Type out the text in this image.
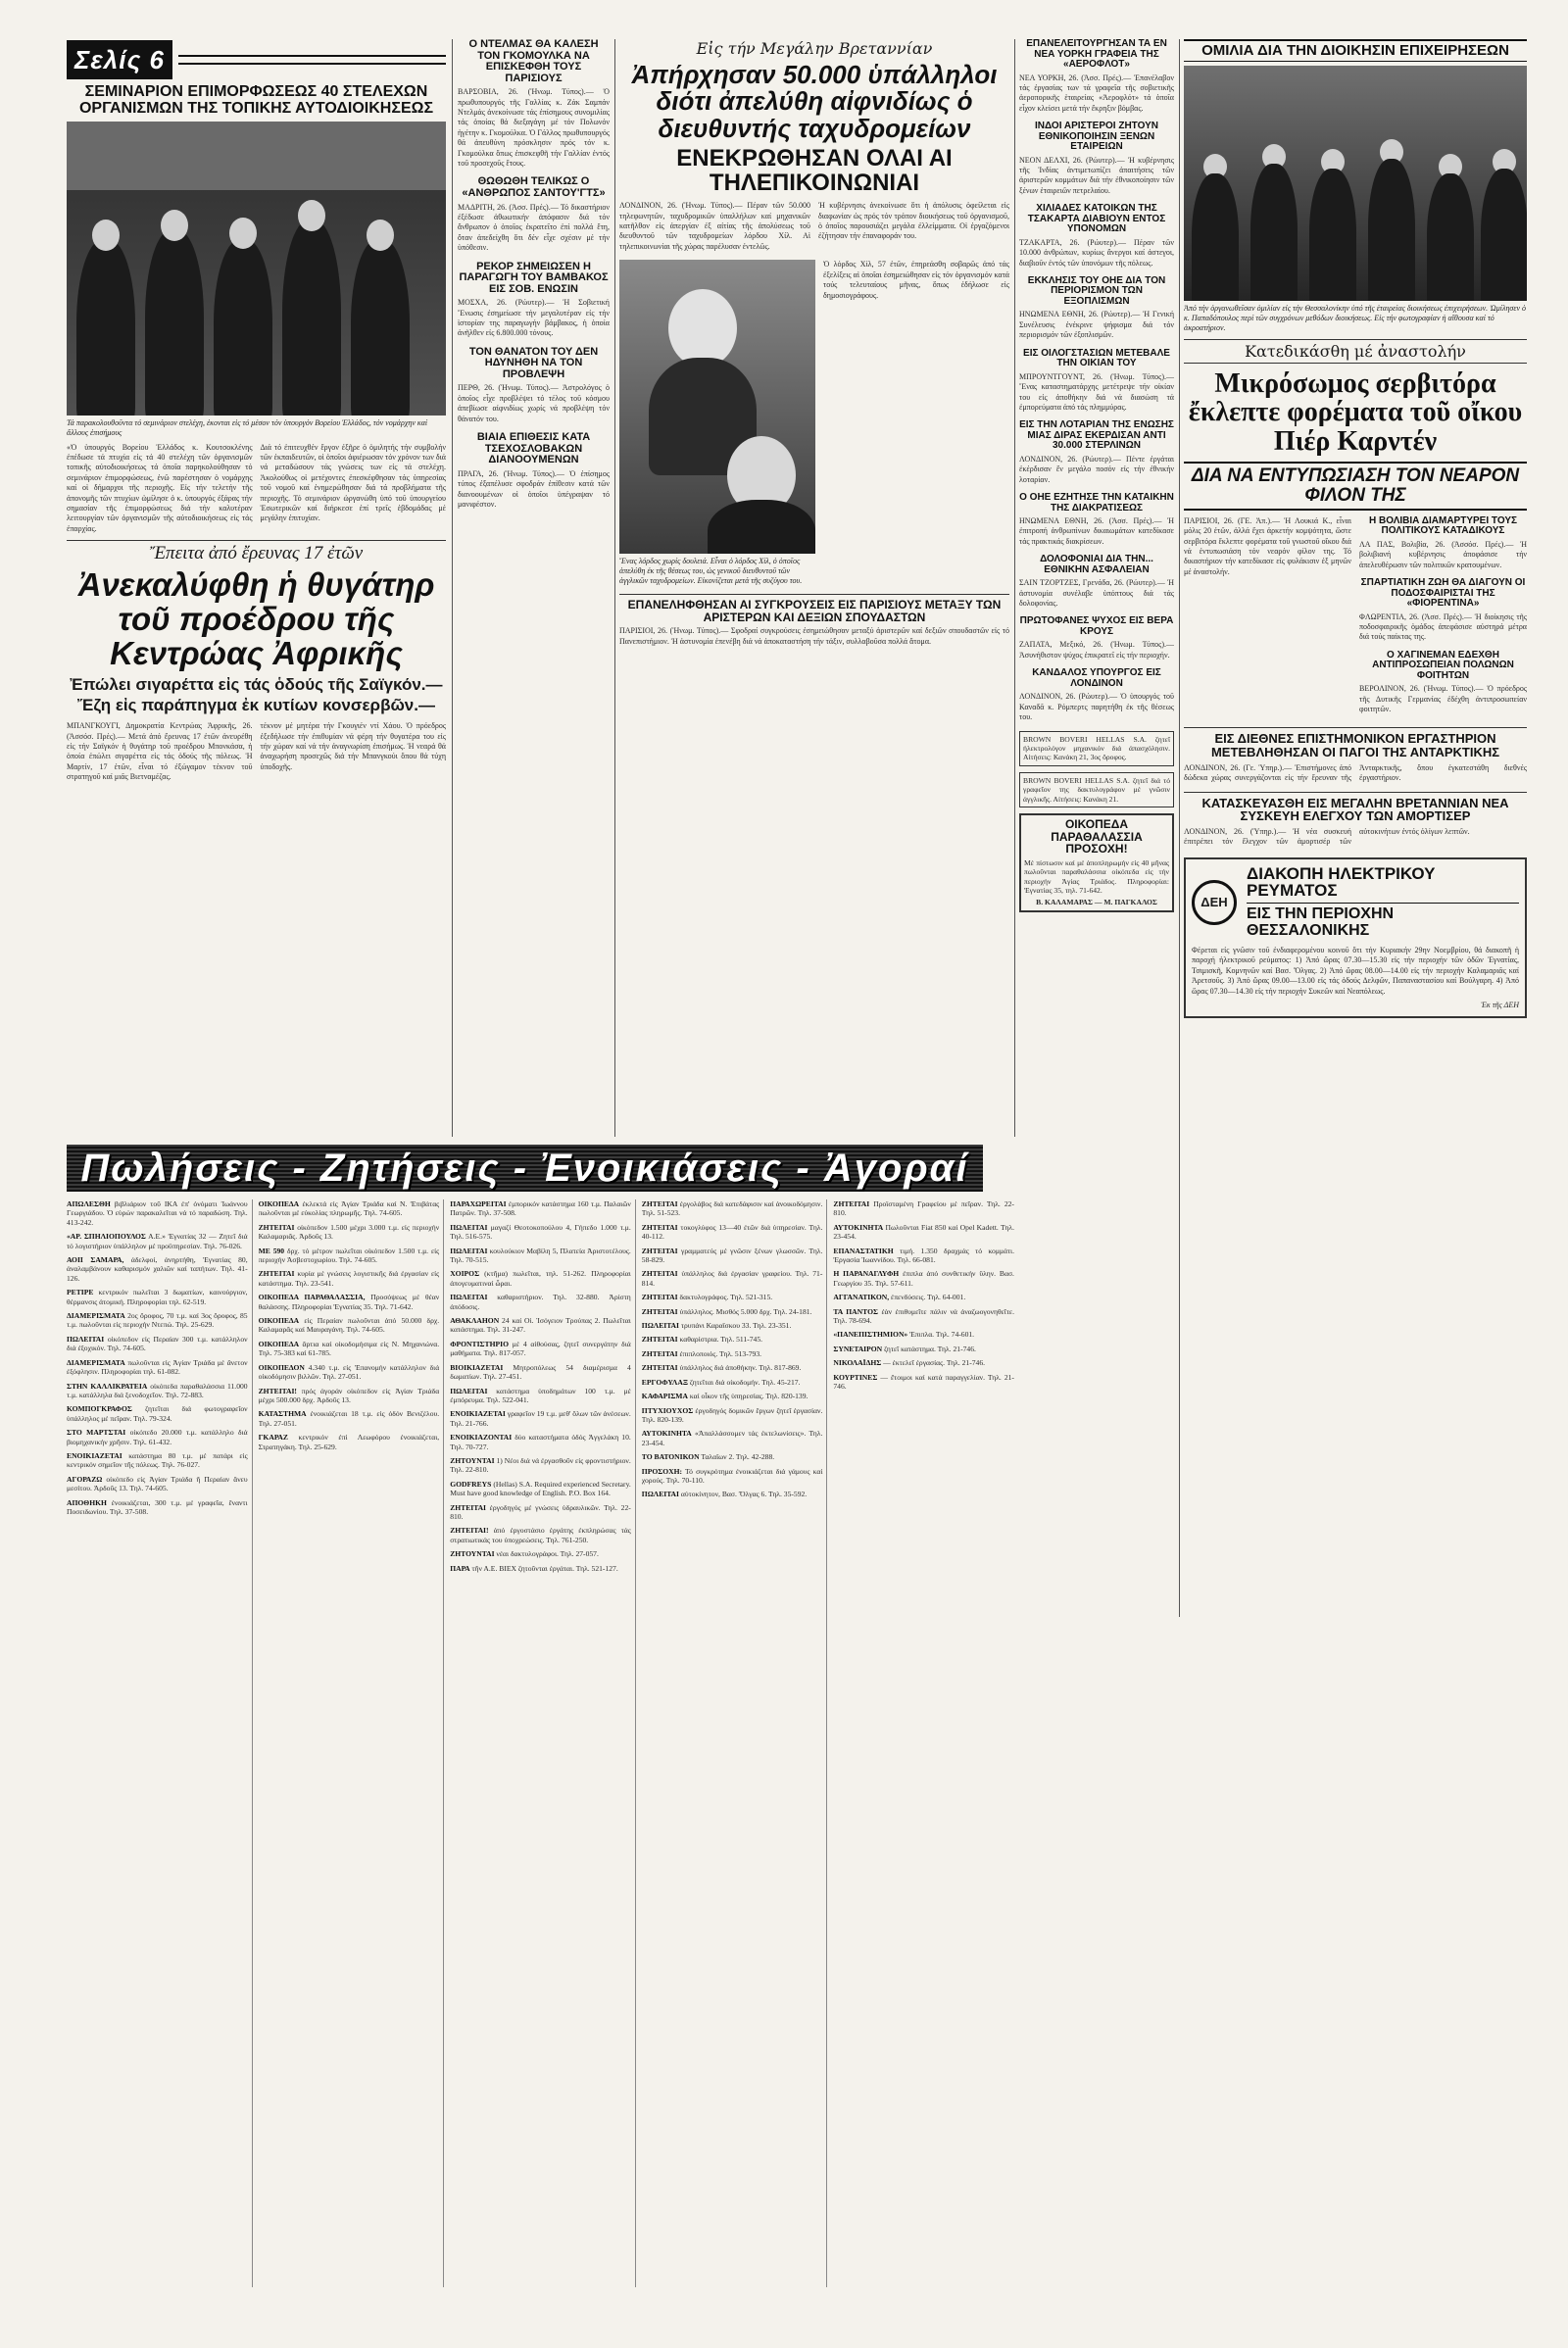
Σελίς 6
ΣΕΜΙΝΑΡΙΟΝ ΕΠΙΜΟΡΦΩΣΕΩΣ 40 ΣΤΕΛΕΧΩΝ ΟΡΓΑΝΙΣΜΩΝ ΤΗΣ ΤΟΠΙΚΗΣ ΑΥΤΟΔΙΟΙΚΗΣΕΩΣ
Τά παρακολουθοῦντα τό σεμινάριον στελέχη, ἐκονται εἰς τό μέσον τόν ὑπουργόν Βορείου Ἑλλάδος, τόν νομάρχην καί ἄλλους ἐπισήμους
«Ὁ ὑπουργός Βορείου Ἑλλάδος κ. Κουτσοκλένης ἐπέδωσε τά πτυχία εἰς τά 40 στελέχη τῶν ὀργανισμῶν τοπικῆς αὐτοδιοικήσεως τά ὁποῖα παρηκολούθησαν τό σεμινάριον ἐπιμορφώσεως, ἐνῶ παρέστησαν ὁ νομάρχης καί οἱ δήμαρχοι τῆς περιοχῆς. Εἰς τήν τελετήν τῆς ἀπονομῆς τῶν πτυχίων ὡμίλησε ὁ κ. ὑπουργός ἐξάρας τήν σημασίαν τῆς ἐπιμορφώσεως διά τήν καλυτέραν λειτουργίαν τῶν ὀργανισμῶν τῆς αὐτοδιοικήσεως εἰς τάς ἐπαρχίας.
Διά τό ἐπιτευχθέν ἔργον ἐξῆρε ὁ ὁμιλητής τήν συμβολήν τῶν ἐκπαιδευτῶν, οἱ ὁποῖοι ἀφιέρωσαν τόν χρόνον των διά νά μεταδώσουν τάς γνώσεις των εἰς τά στελέχη. Ἀκολούθως οἱ μετέχοντες ἐπεσκέφθησαν τάς ὑπηρεσίας τοῦ νομοῦ καί ἐνημερώθησαν διά τά προβλήματα τῆς περιοχῆς. Τό σεμινάριον ὠργανώθη ὑπό τοῦ ὑπουργείου Ἐσωτερικῶν καί διήρκεσε ἐπί τρεῖς ἑβδομάδας μέ μεγάλην ἐπιτυχίαν.
Ἔπειτα ἀπό ἔρευνας 17 ἐτῶν
Ἀνεκαλύφθη ἡ θυγάτηρ τοῦ προέδρου τῆς Κεντρώας Ἀφρικῆς
Ἐπώλει σιγαρέττα εἰς τάς ὁδούς τῆς Σαϊγκόν.— Ἔζη εἰς παράπηγμα ἐκ κυτίων κονσερβῶν.—
ΜΠΑΝΓΚΟΥΓΙ, Δημοκρατία Κεντρώας Ἀφρικῆς, 26. (Ἀσσόσ. Πρές).— Μετά ἀπό ἔρευνας 17 ἐτῶν ἀνευρέθη εἰς τήν Σαϊγκόν ἡ θυγάτηρ τοῦ προέδρου Μπονκάσα, ἡ ὁποία ἐπώλει σιγαρέττα εἰς τάς ὁδούς τῆς πόλεως. Ἡ Μαρτίν, 17 ἐτῶν, εἶναι τό ἐξώγαμον τέκνον τοῦ στρατηγοῦ καί μιᾶς Βιετναμέζας.
τέκνον μέ μητέρα τήν Γκουγιέν ντί Χάου. Ὁ πρόεδρος ἐξεδήλωσε τήν ἐπιθυμίαν νά φέρη τήν θυγατέρα του εἰς τήν χώραν καί νά τήν ἀναγνωρίση ἐπισήμως. Ἡ νεαρά θά ἀναχωρήση προσεχῶς διά τήν Μπανγκούι ὅπου θά τύχη ὑποδοχῆς.
Ο ΝΤΕΛΜΑΣ ΘΑ ΚΑΛΕΣΗ ΤΟΝ ΓΚΟΜΟΥΛΚΑ ΝΑ ΕΠΙΣΚΕΦΘΗ ΤΟΥΣ ΠΑΡΙΣΙΟΥΣ
ΒΑΡΣΟΒΙΑ, 26. (Ἠνωμ. Τύπος).— Ὁ πρωθυπουργός τῆς Γαλλίας κ. Ζάκ Σαμπάν Ντελμάς ἀνεκοίνωσε τάς ἐπίσημους συνομιλίας τάς ὁποίας θά διεξαγάγη μέ τόν Πολωνόν ἡγέτην κ. Γκομούλκα. Ὁ Γάλλος πρωθυπουργός θά ἀπευθύνη πρόσκλησιν πρός τόν κ. Γκομούλκα ὅπως ἐπισκεφθῆ τήν Γαλλίαν ἐντός τοῦ προσεχοῦς ἔτους.
ΘΩΘΩΘΗ ΤΕΛΙΚΩΣ Ο «ΑΝΘΡΩΠΟΣ ΣΑΝΤΟΥ'ΓΤΣ»
ΜΑΔΡΙΤΗ, 26. (Ἀσσ. Πρές).— Τό δικαστήριον ἐξέδωσε ἀθωωτικήν ἀπόφασιν διά τόν ἄνθρωπον ὁ ὁποῖος ἐκρατεῖτο ἐπί πολλά ἔτη, ὅταν ἀπεδείχθη ὅτι δέν εἶχε σχέσιν μέ τήν ὑπόθεσιν.
ΡΕΚΟΡ ΣΗΜΕΙΩΣΕΝ Η ΠΑΡΑΓΩΓΗ ΤΟΥ ΒΑΜΒΑΚΟΣ ΕΙΣ ΣΟΒ. ΕΝΩΣΙΝ
ΜΟΣΧΑ, 26. (Ρώυτερ).— Ἡ Σοβιετική Ἕνωσις ἐσημείωσε τήν μεγαλυτέραν εἰς τήν ἱστορίαν της παραγωγήν βάμβακος, ἡ ὁποία ἀνῆλθεν εἰς 6.800.000 τόνους.
ΤΟΝ ΘΑΝΑΤΟΝ ΤΟΥ ΔΕΝ ΗΔΥΝΗΘΗ ΝΑ ΤΟΝ ΠΡΟΒΛΕΨΗ
ΠΕΡΘ, 26. (Ἠνωμ. Τύπος).— Ἀστρολόγος ὁ ὁποῖος εἶχε προβλέψει τό τέλος τοῦ κόσμου ἀπεβίωσε αἰφνιδίως χωρίς νά προβλέψη τόν θάνατόν του.
ΒΙΑΙΑ ΕΠΙΘΕΣΙΣ ΚΑΤΑ ΤΣΕΧΟΣΛΟΒΑΚΩΝ ΔΙΑΝΟΟΥΜΕΝΩΝ
ΠΡΑΓΑ, 26. (Ἠνωμ. Τύπος).— Ὁ ἐπίσημος τύπος ἐξαπέλυσε σφοδράν ἐπίθεσιν κατά τῶν διανοουμένων οἱ ὁποῖοι ὑπέγραψαν τό μανιφέστον.
Εἰς τήν Μεγάλην Βρεταννίαν
Ἀπήρχησαν 50.000 ὑπάλληλοι διότι ἀπελύθη αἰφνιδίως ὁ διευθυντής ταχυδρομείων
ΕΝΕΚΡΩΘΗΣΑΝ ΟΛΑΙ ΑΙ ΤΗΛΕΠΙΚΟΙΝΩΝΙΑΙ
ΛΟΝΔΙΝΟΝ, 26. (Ἠνωμ. Τύπος).— Πέραν τῶν 50.000 τηλεφωνητῶν, ταχυδρομικῶν ὑπαλλήλων καί μηχανικῶν κατῆλθον εἰς ἀπεργίαν ἐξ αἰτίας τῆς ἀπολύσεως τοῦ διευθυντοῦ τῶν ταχυδρομείων λόρδου Χίλ. Αἱ τηλεπικοινωνίαι τῆς χώρας παρέλυσαν ἐντελῶς.
Ἡ κυβέρνησις ἀνεκοίνωσε ὅτι ἡ ἀπόλυσις ὀφείλεται εἰς διαφωνίαν ὡς πρός τόν τρόπον διοικήσεως τοῦ ὀργανισμοῦ, ὁ ὁποῖος παρουσιάζει μεγάλα ἐλλείμματα. Οἱ ἐργαζόμενοι ἐζήτησαν τήν ἐπαναφοράν του.
Ἕνας λόρδος χωρίς δουλειά. Εἶναι ὁ λόρδος Χίλ, ὁ ὁποῖος ἀπελύθη ἐκ τῆς θέσεως του, ὡς γενικοῦ διευθυντοῦ τῶν ἀγγλικῶν ταχυδρομείων. Εἰκονίζεται μετά τῆς συζύγου του.
Ὁ λόρδος Χίλ, 57 ἐτῶν, ἐπηρεάσθη σοβαρῶς ἀπό τάς ἐξελίξεις αἱ ὁποῖαι ἐσημειώθησαν εἰς τόν ὀργανισμόν κατά τούς τελευταίους μῆνας, ὅπως ἐδήλωσε εἰς δημοσιογράφους.
ΕΠΑΝΕΛΗΦΘΗΣΑΝ ΑΙ ΣΥΓΚΡΟΥΣΕΙΣ ΕΙΣ ΠΑΡΙΣΙΟΥΣ ΜΕΤΑΞΥ ΤΩΝ ΑΡΙΣΤΕΡΩΝ ΚΑΙ ΔΕΞΙΩΝ ΣΠΟΥΔΑΣΤΩΝ
ΠΑΡΙΣΙΟΙ, 26. (Ἠνωμ. Τύπος).— Σφοδραί συγκρούσεις ἐσημειώθησαν μεταξύ ἀριστερῶν καί δεξιῶν σπουδαστῶν εἰς τό Πανεπιστήμιον. Ἡ ἀστυνομία ἐπενέβη διά νά ἀποκαταστήση τήν τάξιν, συλλαβοῦσα πολλά ἄτομα.
ΕΠΑΝΕΛΕΙΤΟΥΡΓΗΣΑΝ ΤΑ ΕΝ ΝΕΑ ΥΟΡΚΗ ΓΡΑΦΕΙΑ ΤΗΣ «ΑΕΡΟΦΛΟΤ»
ΝΕΑ ΥΟΡΚΗ, 26. (Ἀσσ. Πρές).— Ἐπανέλαβον τάς ἐργασίας των τά γραφεῖα τῆς σοβιετικῆς ἀεροπορικῆς ἑταιρείας «Ἀεροφλότ» τά ὁποῖα εἶχον κλείσει μετά τήν ἔκρηξιν βόμβας.
ΙΝΔΟΙ ΑΡΙΣΤΕΡΟΙ ΖΗΤΟΥΝ ΕΘΝΙΚΟΠΟΙΗΣΙΝ ΞΕΝΩΝ ΕΤΑΙΡΕΙΩΝ
ΝΕΟΝ ΔΕΛΧΙ, 26. (Ρώυτερ).— Ἡ κυβέρνησις τῆς Ἰνδίας ἀντιμετωπίζει ἀπαιτήσεις τῶν ἀριστερῶν κομμάτων διά τήν ἐθνικοποίησιν τῶν ξένων ἑταιρειῶν πετρελαίου.
ΧΙΛΙΑΔΕΣ ΚΑΤΟΙΚΩΝ ΤΗΣ ΤΣΑΚΑΡΤΑ ΔΙΑΒΙΟΥΝ ΕΝΤΟΣ ΥΠΟΝΟΜΩΝ
ΤΖΑΚΑΡΤΑ, 26. (Ρώυτερ).— Πέραν τῶν 10.000 ἀνθρώπων, κυρίως ἄνεργοι καί ἀστεγοι, διαβιοῦν ἐντός τῶν ὑπονόμων τῆς πόλεως.
ΕΚΚΛΗΣΙΣ ΤΟΥ ΟΗΕ ΔΙΑ ΤΟΝ ΠΕΡΙΟΡΙΣΜΟΝ ΤΩΝ ΕΞΟΠΛΙΣΜΩΝ
ΗΝΩΜΕΝΑ ΕΘΝΗ, 26. (Ρώυτερ).— Ἡ Γενική Συνέλευσις ἐνέκρινε ψήφισμα διά τόν περιορισμόν τῶν ἐξοπλισμῶν.
ΕΙΣ ΟΙΛΟΓΣΤΑΣΙΩΝ ΜΕΤΕΒΑΛΕ ΤΗΝ ΟΙΚΙΑΝ ΤΟΥ
ΜΠΡΟΥΝΤΓΟΥΝΤ, 26. (Ἠνωμ. Τύπος).— Ἕνας καταστηματάρχης μετέτρεψε τήν οἰκίαν του εἰς ἀποθήκην διά νά διασώση τά ἐμπορεύματα ἀπό τάς πλημμύρας.
ΕΙΣ ΤΗΝ ΛΟΤΑΡΙΑΝ ΤΗΣ ΕΝΩΣΗΣ ΜΙΑΣ ΔΙΡΑΣ ΕΚΕΡΔΙΣΑΝ ΑΝΤΙ 30.000 ΣΤΕΡΛΙΝΩΝ
ΛΟΝΔΙΝΟΝ, 26. (Ρώυτερ).— Πέντε ἐργάται ἐκέρδισαν ἕν μεγάλο ποσόν εἰς τήν ἐθνικήν λοταρίαν.
Ο ΟΗΕ ΕΖΗΤΗΣΕ ΤΗΝ ΚΑΤΑΙΚΗΝ ΤΗΣ ΔΙΑΚΡΑΤΙΣΕΩΣ
ΗΝΩΜΕΝΑ ΕΘΝΗ, 26. (Ἀσσ. Πρές).— Ἡ ἐπιτροπή ἀνθρωπίνων δικαιωμάτων κατεδίκασε τάς πρακτικάς διακρίσεων.
ΔΟΛΟΦΟΝΙΑΙ ΔΙΑ ΤΗΝ... ΕΘΝΙΚΗΝ ΑΣΦΑΛΕΙΑΝ
ΣΑΙΝ ΤΖΟΡΤΖΕΣ, Γρενάδα, 26. (Ρώυτερ).— Ἡ ἀστυνομία συνέλαβε ὑπόπτους διά τάς δολοφονίας.
ΠΡΩΤΟΦΑΝΕΣ ΨΥΧΟΣ ΕΙΣ ΒΕΡΑ ΚΡΟΥΣ
ΖΑΠΑΤΑ, Μεξικό, 26. (Ἠνωμ. Τύπος).— Ἀσυνήθιστον ψύχος ἐπικρατεῖ εἰς τήν περιοχήν.
ΚΑΝΔΑΛΟΣ ΥΠΟΥΡΓΟΣ ΕΙΣ ΛΟΝΔΙΝΟΝ
ΛΟΝΔΙΝΟΝ, 26. (Ρώυτερ).— Ὁ ὑπουργός τοῦ Καναδᾶ κ. Ρόμπερτς παρητήθη ἐκ τῆς θέσεως του.
BROWN BOVERI HELLAS S.A. ζητεῖ ἠλεκτρολόγον μηχανικόν διά ἀπασχόλησιν. Αἰτήσεις: Κανάκη 21, 3ος ὄροφος.
BROWN BOVERI HELLAS S.A. ζητεῖ διά τό γραφεῖον της δακτυλογράφον μέ γνῶσιν ἀγγλικῆς. Αἰτήσεις: Κανάκη 21.
ΟΙΚΟΠΕΔΑ ΠΑΡΑΘΑΛΑΣΣΙΑ ΠΡΟΣΟΧΗ!
Μέ πίστωσιν καί μέ ἀποπληρωμήν εἰς 40 μῆνας πωλοῦνται παραθαλάσσια οἰκόπεδα εἰς τήν περιοχήν Ἁγίας Τριάδος. Πληροφορίαι: Ἐγνατίας 35, τηλ. 71-642.
Β. ΚΑΛΑΜΑΡΑΣ — Μ. ΠΑΓΚΑΛΟΣ
ΟΜΙΛΙΑ ΔΙΑ ΤΗΝ ΔΙΟΙΚΗΣΙΝ ΕΠΙΧΕΙΡΗΣΕΩΝ
Ἀπό τήν ὀργανωθεῖσαν ὁμιλίαν εἰς τήν Θεσσαλονίκην ὑπό τῆς ἑταιρείας διοικήσεως ἐπιχειρήσεων. Ὡμίλησεν ὁ κ. Παπαδόπουλος περί τῶν συγχρόνων μεθόδων διοικήσεως. Εἰς τήν φωτογραφίαν ἡ αἴθουσα καί τό ἀκροατήριον.
Κατεδικάσθη μέ ἀναστολήν
Μικρόσωμος σερβιτόρα ἔκλεπτε φορέματα τοῦ οἴκου Πιέρ Καρντέν
ΔΙΑ ΝΑ ΕΝΤΥΠΩΣΙΑΣΗ ΤΟΝ ΝΕΑΡΟΝ ΦΙΛΟΝ ΤΗΣ
ΠΑΡΙΣΙΟΙ, 26. (ΓΕ. Ἀπ.).— Ἡ Λουκιά Κ., εἶναι μόλις 20 ἐτῶν, ἀλλά ἔχει ἀρκετήν κομψότητα, ὥστε σερβιτόρα ἔκλεπτε φορέματα τοῦ γνωστοῦ οἴκου διά νά ἐντυπωσιάση τόν νεαρόν φίλον της. Τό δικαστήριον τήν κατεδίκασε εἰς φυλάκισιν ἐξ μηνῶν μέ ἀναστολήν.
Η ΒΟΛΙΒΙΑ ΔΙΑΜΑΡΤΥΡΕΙ ΤΟΥΣ ΠΟΛΙΤΙΚΟΥΣ ΚΑΤΑΔΙΚΟΥΣ
ΛΑ ΠΑΣ, Βολιβία, 26. (Ἀσσόσ. Πρές).— Ἡ βολιβιανή κυβέρνησις ἀποφάσισε τήν ἀπελευθέρωσιν τῶν πολιτικῶν κρατουμένων.
ΣΠΑΡΤΙΑΤΙΚΗ ΖΩΗ ΘΑ ΔΙΑΓΟΥΝ ΟΙ ΠΟΔΟΣΦΑΙΡΙΣΤΑΙ ΤΗΣ «ΦΙΟΡΕΝΤΙΝΑ»
ΦΛΩΡΕΝΤΙΑ, 26. (Ἀσσ. Πρές).— Ἡ διοίκησις τῆς ποδοσφαιρικῆς ὁμάδος ἀπεφάσισε αὐστηρά μέτρα διά τούς παίκτας της.
Ο ΧΑΓΙΝΕΜΑΝ ΕΔΕΧΘΗ ΑΝΤΙΠΡΟΣΩΠΕΙΑΝ ΠΟΛΩΝΩΝ ΦΟΙΤΗΤΩΝ
ΒΕΡΟΛΙΝΟΝ, 26. (Ἠνωμ. Τύπος).— Ὁ πρόεδρος τῆς Δυτικῆς Γερμανίας ἐδέχθη ἀντιπροσωπείαν φοιτητῶν.
ΕΙΣ ΔΙΕΘΝΕΣ ΕΠΙΣΤΗΜΟΝΙΚΟΝ ΕΡΓΑΣΤΗΡΙΟΝ ΜΕΤΕΒΛΗΘΗΣΑΝ ΟΙ ΠΑΓΟΙ ΤΗΣ ΑΝΤΑΡΚΤΙΚΗΣ
ΛΟΝΔΙΝΟΝ, 26. (Γε. Ὑπηρ.).— Ἐπιστήμονες ἀπό δώδεκα χώρας συνεργάζονται εἰς τήν ἔρευναν τῆς Ἀνταρκτικῆς, ὅπου ἐγκατεστάθη διεθνές ἐργαστήριον.
ΚΑΤΑΣΚΕΥΑΣΘΗ ΕΙΣ ΜΕΓΑΛΗΝ ΒΡΕΤΑΝΝΙΑΝ ΝΕΑ ΣΥΣΚΕΥΗ ΕΛΕΓΧΟΥ ΤΩΝ ΑΜΟΡΤΙΣΕΡ
ΛΟΝΔΙΝΟΝ, 26. (Ὑπηρ.).— Ἡ νέα συσκευή ἐπιτρέπει τόν ἔλεγχον τῶν ἀμορτισέρ τῶν αὐτοκινήτων ἐντός ὀλίγων λεπτῶν.
ΔΕΗ
ΔΙΑΚΟΠΗ ΗΛΕΚΤΡΙΚΟΥ ΡΕΥΜΑΤΟΣ
ΕΙΣ ΤΗΝ ΠΕΡΙΟΧΗΝ ΘΕΣΣΑΛΟΝΙΚΗΣ
Φέρεται εἰς γνῶσιν τοῦ ἐνδιαφερομένου κοινοῦ ὅτι τήν Κυριακήν 29ην Νοεμβρίου, θά διακοπῆ ἡ παροχή ἠλεκτρικοῦ ρεύματος: 1) Ἀπό ὥρας 07.30—15.30 εἰς τήν περιοχήν τῶν ὁδῶν Ἐγνατίας, Τσιμισκῆ, Κομνηνῶν καί Βασ. Ὄλγας. 2) Ἀπό ὥρας 08.00—14.00 εἰς τήν περιοχήν Καλαμαριᾶς καί Ἀρετσοῦς. 3) Ἀπό ὥρας 09.00—13.00 εἰς τάς ὁδούς Δελφῶν, Παπαναστασίου καί Βούλγαρη. 4) Ἀπό ὥρας 07.30—14.30 εἰς τήν περιοχήν Συκεῶν καί Νεαπόλεως.
Ἐκ τῆς ΔΕΗ
Πωλήσεις - Ζητήσεις - Ἐνοικιάσεις - Ἀγοραί
ΑΠΩΛΕΣΘΗ βιβλιάριον τοῦ ΙΚΑ ἐπ' ὀνόματι Ἰωάννου Γεωργιάδου. Ὁ εὑρών παρακαλεῖται νά τό παραδώση. Τηλ. 413-242.
«ΑΡ. ΣΠΗΛΙΟΠΟΥΛΟΣ Α.Ε.» Ἐγνατίας 32 — Ζητεῖ διά τό λογιστήριον ὑπάλληλον μέ προϋπηρεσίαν. Τηλ. 76-026.
ΑΟΙΙ ΣΑΜΑΡΑ, ἀδελφοί, ἀνηρτήθη, Ἐγνατίας 80, ἀναλαμβάνουν καθαρισμόν χαλιῶν καί ταπήτων. Τηλ. 41-126.
ΡΕΤΙΡΕ κεντρικόν πωλεῖται 3 δωματίων, καινούργιον, θέρμανσις ἀτομική. Πληροφορίαι τηλ. 62-519.
ΔΙΑΜΕΡΙΣΜΑΤΑ 2ος ὄροφος, 70 τ.μ. καί 3ος ὄροφος, 85 τ.μ. πωλοῦνται εἰς περιοχήν Ντεπώ. Τηλ. 25-629.
ΠΩΛΕΙΤΑΙ οἰκόπεδον εἰς Περαίαν 300 τ.μ. κατάλληλον διά ἐξοχικόν. Τηλ. 74-605.
ΔΙΑΜΕΡΙΣΜΑΤΑ πωλοῦνται εἰς Ἀγίαν Τριάδα μέ ἄνετον ἐξόφλησιν. Πληροφορίαι τηλ. 61-082.
ΣΤΗΝ ΚΑΛΛΙΚΡΑΤΕΙΑ οἰκόπεδα παραθαλάσσια 11.000 τ.μ. κατάλληλα διά ξενοδοχεῖον. Τηλ. 72-883.
ΚΟΜΠΟΓΚΡΑΦΟΣ ζητεῖται διά φωτογραφεῖον ὑπάλληλος μέ πεῖραν. Τηλ. 79-324.
ΣΤΟ ΜΑΡΤΣΤΑΙ οἰκόπεδο 20.000 τ.μ. κατάλληλο διά βιομηχανικήν χρῆσιν. Τηλ. 61-432.
ΕΝΟΙΚΙΑΖΕΤΑΙ κατάστημα 80 τ.μ. μέ πατάρι εἰς κεντρικόν σημεῖον τῆς πόλεως. Τηλ. 76-027.
ΑΓΟΡΑΖΩ οἰκόπεδο εἰς Ἁγίαν Τριάδα ἤ Περαίαν ἄνευ μεσίτου. Ἀρδοῦς 13. Τηλ. 74-605.
ΑΠΟΘΗΚΗ ἐνοικιάζεται, 300 τ.μ. μέ γραφεῖα, ἔναντι Ποσειδωνίου. Τηλ. 37-508.
ΟΙΚΟΠΕΔΑ ἐκλεκτά εἰς Ἁγίαν Τριάδα καί Ν. Ἐπιβάτας πωλοῦνται μέ εὐκολίας πληρωμῆς. Τηλ. 74-605.
ΖΗΤΕΙΤΑΙ οἰκόπεδον 1.500 μέχρι 3.000 τ.μ. εἰς περιοχήν Καλαμαριᾶς. Ἀρδοῦς 13.
ΜΕ 590 δρχ. τό μέτρον πωλεῖται οἰκόπεδον 1.500 τ.μ. εἰς περιοχήν Ἀσβεστοχωρίου. Τηλ. 74-605.
ΖΗΤΕΙΤΑΙ κυρία μέ γνώσεις λογιστικῆς διά ἐργασίαν εἰς κατάστημα. Τηλ. 23-541.
ΟΙΚΟΠΕΔΑ ΠΑΡΑΘΑΛΑΣΣΙΑ, Προσόψεως μέ θέαν θαλάσσης. Πληροφορίαι Ἐγνατίας 35. Τηλ. 71-642.
ΟΙΚΟΠΕΔΑ εἰς Περαίαν πωλοῦνται ἀπό 50.000 δρχ. Καλαμαρᾶς καί Μαυραγάνη. Τηλ. 74-605.
ΟΙΚΟΠΕΔΑ ἄρτια καί οἰκοδομήσιμα εἰς Ν. Μηχανιώνα. Τηλ. 75-383 καί 61-785.
ΟΙΚΟΠΕΔΟΝ 4.340 τ.μ. εἰς Ἐπανομήν κατάλληλον διά οἰκοδόμησιν βιλλῶν. Τηλ. 27-051.
ΖΗΤΕΙΤΑΙ! πρός ἀγοράν οἰκόπεδον εἰς Ἀγίαν Τριάδα μέχρι 500.000 δρχ. Ἀρδοῦς 13.
ΚΑΤΑΣΤΗΜΑ ἐνοικιάζεται 18 τ.μ. εἰς ὁδόν Βενιζέλου. Τηλ. 27-051.
ΓΚΑΡΑΖ κεντρικόν ἐπί Λεωφόρου ἐνοικιάζεται, Στρατηγάκη. Τηλ. 25-629.
ΠΑΡΑΧΩΡΕΙΤΑΙ ἐμπορικόν κατάστημα 160 τ.μ. Παλαιῶν Πατρῶν. Τηλ. 37-508.
ΠΩΛΕΙΤΑΙ μαγαζί Θεοτοκοπούλου 4, Γήπεδο 1.000 τ.μ. Τηλ. 516-575.
ΠΩΛΕΙΤΑΙ κουλούκιον Μαβίλη 5, Πλατεία Ἀριστοτέλους. Τηλ. 70-515.
ΧΟΙΡΟΣ (κτῆμα) πωλεῖται, τηλ. 51-262. Πληροφορίαι ἀπογευματιναί ὧραι.
ΠΩΛΕΙΤΑΙ καθαριστήριον. Τηλ. 32-880. Ἀρίστη ἀπόδοσις.
ΑΘΑΚΛΑΗΟΝ 24 καί Οἱ. Ἰσόγειον Τρούπας 2. Πωλεῖται κατάστημα. Τηλ. 31-247.
ΦΡΟΝΤΙΣΤΗΡΙΟ μέ 4 αἰθούσας, ζητεῖ συνεργάτην διά μαθήματα. Τηλ. 817-057.
ΒΙΟΙΚΙΑΖΕΤΑΙ Μητροπόλεως 54 διαμέρισμα 4 δωματίων. Τηλ. 27-451.
ΠΩΛΕΙΤΑΙ κατάστημα ὑποδημάτων 100 τ.μ. μέ ἐμπόρευμα. Τηλ. 522-041.
ΕΝΟΙΚΙΑΖΕΤΑΙ γραφεῖον 19 τ.μ. μεθ' ὅλων τῶν ἀνέσεων. Τηλ. 21-766.
ΕΝΟΙΚΙΑΖΟΝΤΑΙ δύο καταστήματα ὁδός Ἀγγελάκη 10. Τηλ. 70-727.
ΖΗΤΟΥΝΤΑΙ 1) Νέοι διά νά ἐργασθοῦν εἰς φροντιστήριον. Τηλ. 22-810.
GODFREYS (Hellas) S.A. Required experienced Secretary. Must have good knowledge of English. P.O. Box 164.
ΖΗΤΕΙΤΑΙ ἐργοδηγός μέ γνώσεις ὑδραυλικῶν. Τηλ. 22-810.
ΖΗΤΕΙΤΑΙ! ἀπό ἐργοστάσιο ἐργάτης ἐκπληρώσας τάς στρατιωτικάς του ὑποχρεώσεις. Τηλ. 761-250.
ΖΗΤΟΥΝΤΑΙ νέαι δακτυλογράφοι. Τηλ. 27-057.
ΠΑΡΑ τῆν Α.Ε. ΒΙΕΧ ζητοῦνται ἐργάται. Τηλ. 521-127.
ΖΗΤΕΙΤΑΙ ἐργολάβος διά κατεδάφισιν καί ἀνοικοδόμησιν. Τηλ. 51-523.
ΖΗΤΕΙΤΑΙ τοκογλύφος 13—40 ἐτῶν διά ὑπηρεσίαν. Τηλ. 40-112.
ΖΗΤΕΙΤΑΙ γραμματεύς μέ γνῶσιν ξένων γλωσσῶν. Τηλ. 58-829.
ΖΗΤΕΙΤΑΙ ὑπάλληλος διά ἐργασίαν γραφείου. Τηλ. 71-814.
ΖΗΤΕΙΤΑΙ δακτυλογράφος. Τηλ. 521-315.
ΖΗΤΕΙΤΑΙ ὑπάλληλος. Μισθός 5.000 δρχ. Τηλ. 24-181.
ΠΩΛΕΙΤΑΙ τρυπάνι Καραΐσκου 33. Τηλ. 23-351.
ΖΗΤΕΙΤΑΙ καθαρίστρια. Τηλ. 511-745.
ΖΗΤΕΙΤΑΙ ἐπιπλοποιός. Τηλ. 513-793.
ΖΗΤΕΙΤΑΙ ὑπάλληλος διά ἀποθήκην. Τηλ. 817-869.
ΕΡΓΟΦΥΛΑΞ ζητεῖται διά οἰκοδομήν. Τηλ. 45-217.
ΚΑΦΑΡΙΣΜΑ καί οἶκον τῆς ὑπηρεσίας. Τηλ. 820-139.
ΠΤΥΧΙΟΥΧΟΣ ἐργοδηγός δομικῶν ἔργων ζητεῖ ἐργασίαν. Τηλ. 820-139.
ΑΥΤΟΚΙΝΗΤΑ «Ἀπαλλάσσομεν τάς ἐκτελωνίσεις». Τηλ. 23-454.
ΤΟ ΒΑΤΟΝΙΚΟΝ Ταλαΐων 2. Τηλ. 42-288.
ΠΡΟΣΟΧΗ: Τό συγκρότημα ἐνοικιάζεται διά γάμους καί χορούς. Τηλ. 70-110.
ΠΩΛΕΙΤΑΙ αὐτοκίνητον, Βασ. Ὄλγας 6. Τηλ. 35-592.
ΖΗΤΕΙΤΑΙ Προϊσταμένη Γραφείου μέ πεῖραν. Τηλ. 22-810.
ΑΥΤΟΚΙΝΗΤΑ Πωλοῦνται Fiat 850 καί Opel Kadett. Τηλ. 23-454.
ΕΠΑΝΑΣΤΑΤΙΚΗ τιμή. 1.350 δραχμάς τό κομμάτι. Ἐργασία Ἰωαννίδου. Τηλ. 66-081.
Η ΠΑΡΑΝΑΓΛΥΦΗ ἐπιπλα ἀπό συνθετικήν ὕλην. Βασ. Γεωργίου 35. Τηλ. 57-611.
ΑΓΓΑΝΑΤΙΚΟΝ, ἐπενδύσεις. Τηλ. 64-001.
ΤΑ ΠΑΝΤΟΣ ἐὰν ἐπιθυμεῖτε πάλιν νά ἀναζωογονηθεῖτε. Τηλ. 78-694.
«ΠΑΝΕΠΙΣΤΗΜΙΟΝ» Ἐπιπλα. Τηλ. 74-601.
ΣΥΝΕΤΑΙΡΟΝ ζητεῖ κατάστημα. Τηλ. 21-746.
ΝΙΚΟΛΑΪΔΗΣ — ἐκτελεῖ ἐργασίας. Τηλ. 21-746.
ΚΟΥΡΤΙΝΕΣ — ἔτοιμοι καί κατά παραγγελίαν. Τηλ. 21-746.
